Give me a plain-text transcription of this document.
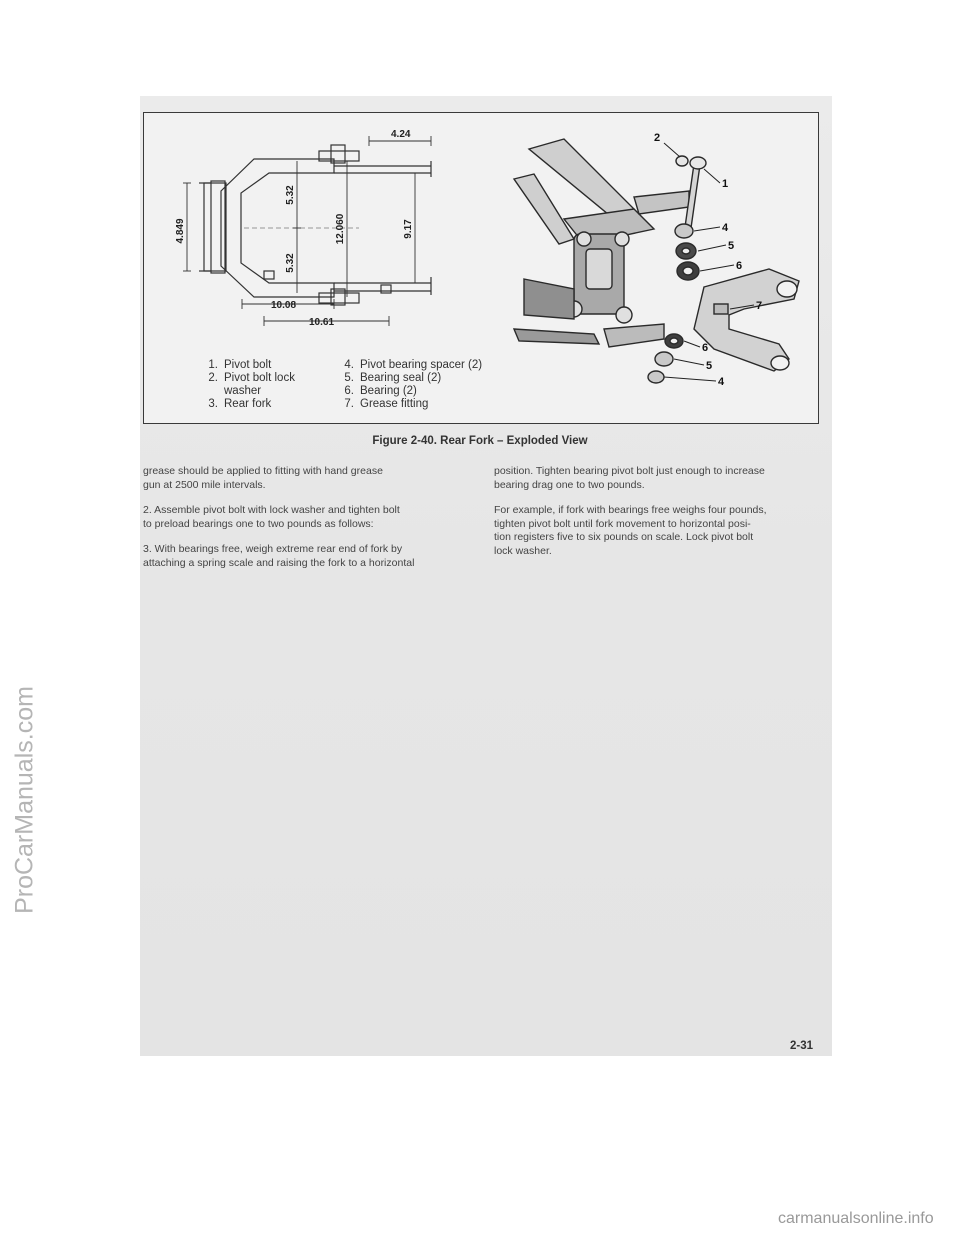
ProCarManuals.com
4.24
4.849
5.32
5.32
12.060	9.17
10.08
10.61
2
1
4
5
6
7
6
5
4
1. Pivot bolt
2. Pivot bolt lock
washer
3. Rear fork
4. Pivot bearing spacer (2)
5. Bearing seal (2)
6. Bearing (2)
7. Grease fitting
Figure 2-40. Rear Fork – Exploded View

grease should be applied to fitting with hand grease
gun at 2500 mile intervals.

2. Assemble pivot bolt with lock washer and tighten bolt
to preload bearings one to two pounds as follows:

3. With bearings free, weigh extreme rear end of fork by
attaching a spring scale and raising the fork to a horizontal

position. Tighten bearing pivot bolt just enough to increase
bearing drag one to two pounds.

For example, if fork with bearings free weighs four pounds,
tighten pivot bolt until fork movement to horizontal posi-
tion registers five to six pounds on scale. Lock pivot bolt
lock washer.

2-31
carmanualsonline.info
